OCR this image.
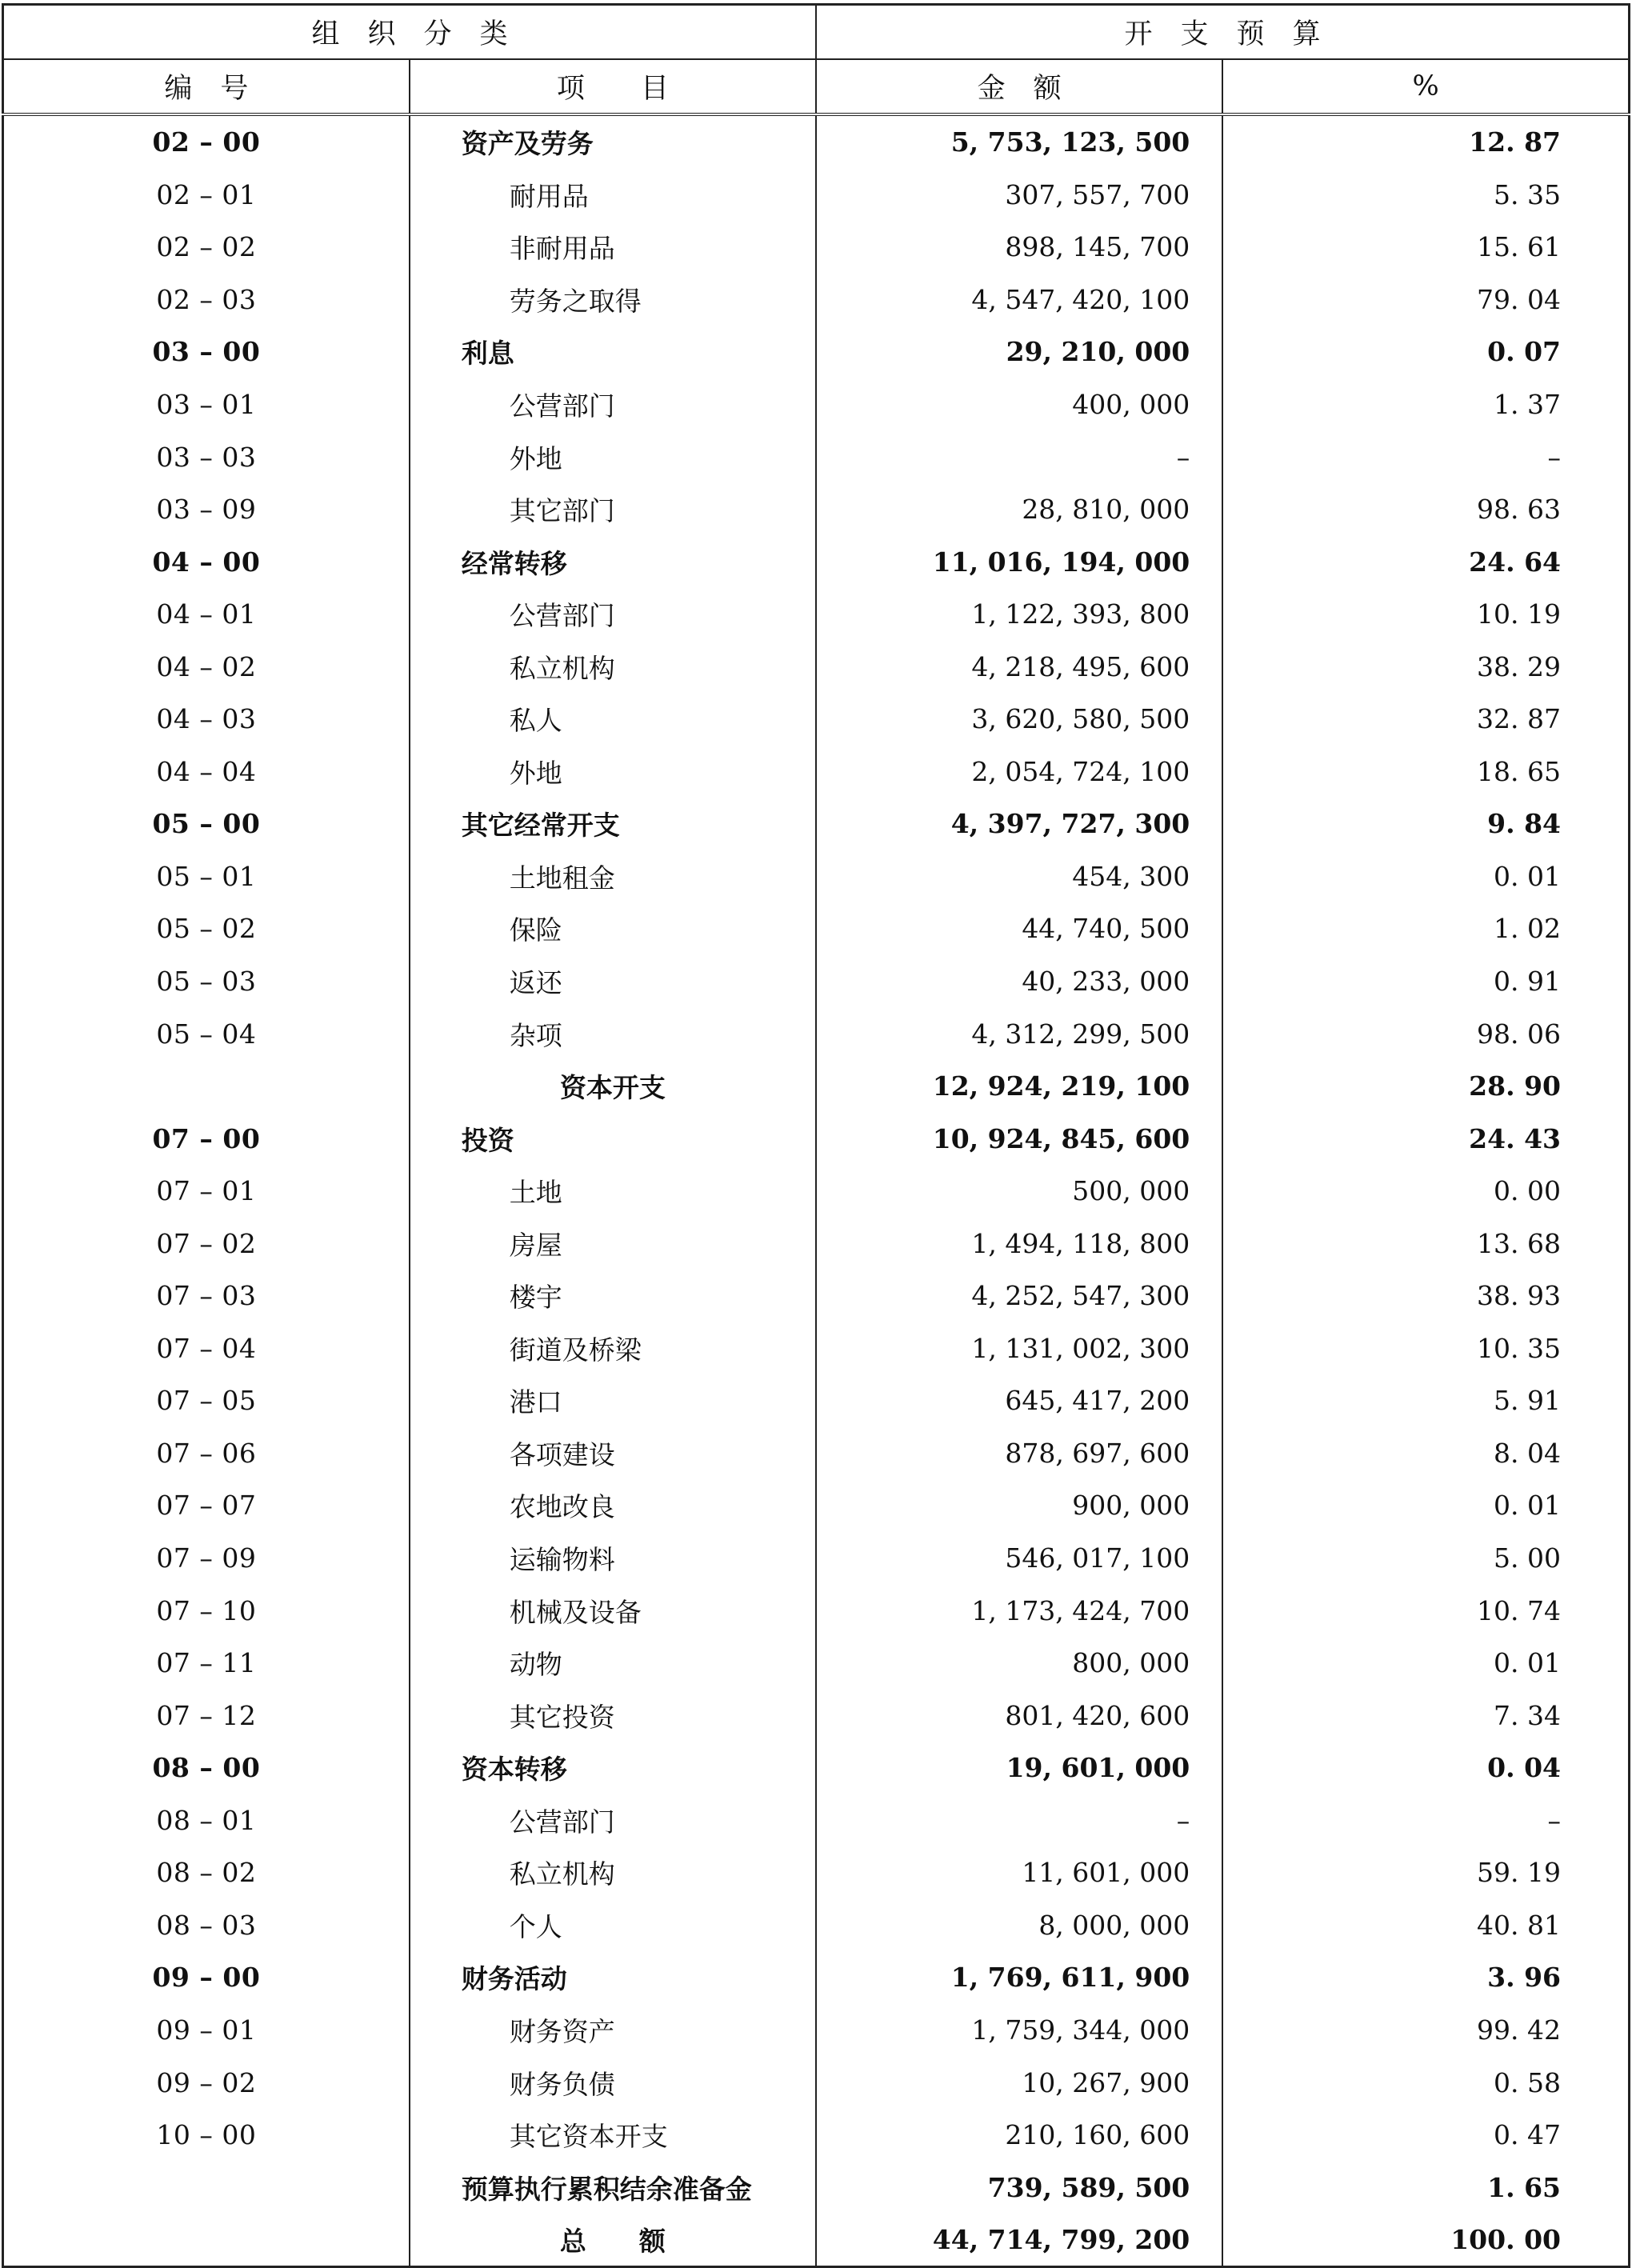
组　织　分　类		开　支　预　算	
编　号	项　　目	金　额	%
02 – 00	资产及劳务	5, 753, 123, 500	12. 87
02 – 01	耐用品	307, 557, 700	5. 35
02 – 02	非耐用品	898, 145, 700	15. 61
02 – 03	劳务之取得	4, 547, 420, 100	79. 04
03 – 00	利息	29, 210, 000	0. 07
03 – 01	公营部门	400, 000	1. 37
03 – 03	外地	–	–
03 – 09	其它部门	28, 810, 000	98. 63
04 – 00	经常转移	11, 016, 194, 000	24. 64
04 – 01	公营部门	1, 122, 393, 800	10. 19
04 – 02	私立机构	4, 218, 495, 600	38. 29
04 – 03	私人	3, 620, 580, 500	32. 87
04 – 04	外地	2, 054, 724, 100	18. 65
05 – 00	其它经常开支	4, 397, 727, 300	9. 84
05 – 01	土地租金	454, 300	0. 01
05 – 02	保险	44, 740, 500	1. 02
05 – 03	返还	40, 233, 000	0. 91
05 – 04	杂项	4, 312, 299, 500	98. 06
	资本开支	12, 924, 219, 100	28. 90
07 – 00	投资	10, 924, 845, 600	24. 43
07 – 01	土地	500, 000	0. 00
07 – 02	房屋	1, 494, 118, 800	13. 68
07 – 03	楼宇	4, 252, 547, 300	38. 93
07 – 04	街道及桥梁	1, 131, 002, 300	10. 35
07 – 05	港口	645, 417, 200	5. 91
07 – 06	各项建设	878, 697, 600	8. 04
07 – 07	农地改良	900, 000	0. 01
07 – 09	运输物料	546, 017, 100	5. 00
07 – 10	机械及设备	1, 173, 424, 700	10. 74
07 – 11	动物	800, 000	0. 01
07 – 12	其它投资	801, 420, 600	7. 34
08 – 00	资本转移	19, 601, 000	0. 04
08 – 01	公营部门	–	–
08 – 02	私立机构	11, 601, 000	59. 19
08 – 03	个人	8, 000, 000	40. 81
09 – 00	财务活动	1, 769, 611, 900	3. 96
09 – 01	财务资产	1, 759, 344, 000	99. 42
09 – 02	财务负债	10, 267, 900	0. 58
10 – 00	其它资本开支	210, 160, 600	0. 47
	预算执行累积结余准备金	739, 589, 500	1. 65
	总　　额	44, 714, 799, 200	100. 00
